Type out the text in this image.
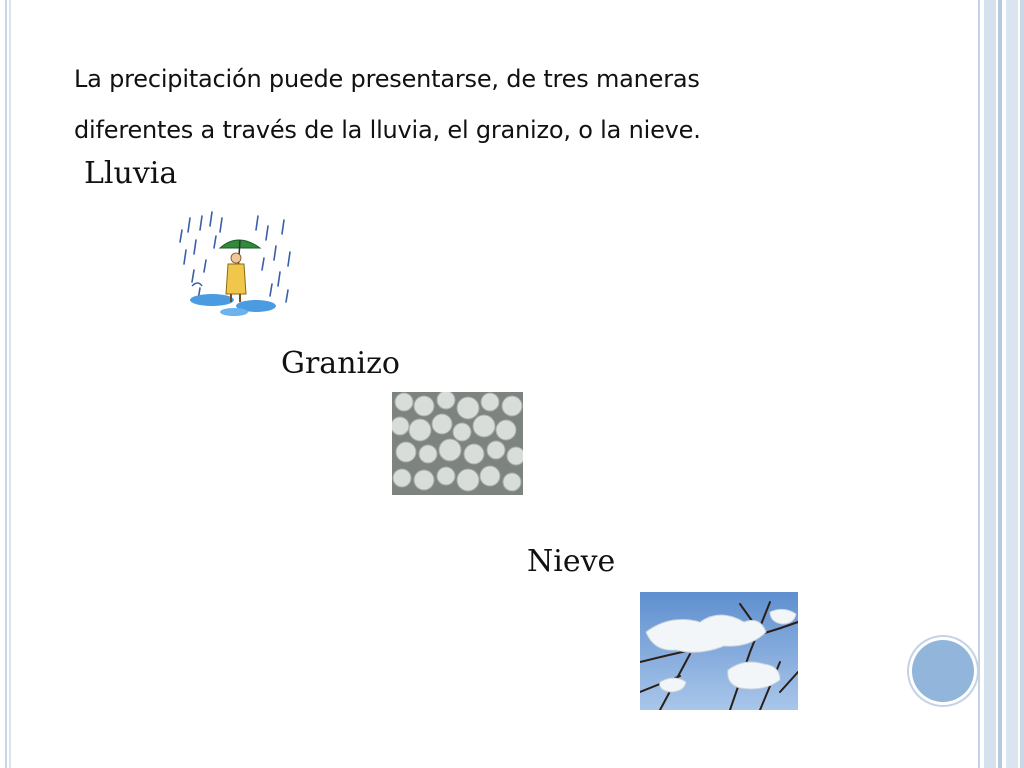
La precipitación puede presentarse, de tres maneras
diferentes a través de la lluvia, el granizo, o la nieve.
Lluvia
Granizo
Nieve
